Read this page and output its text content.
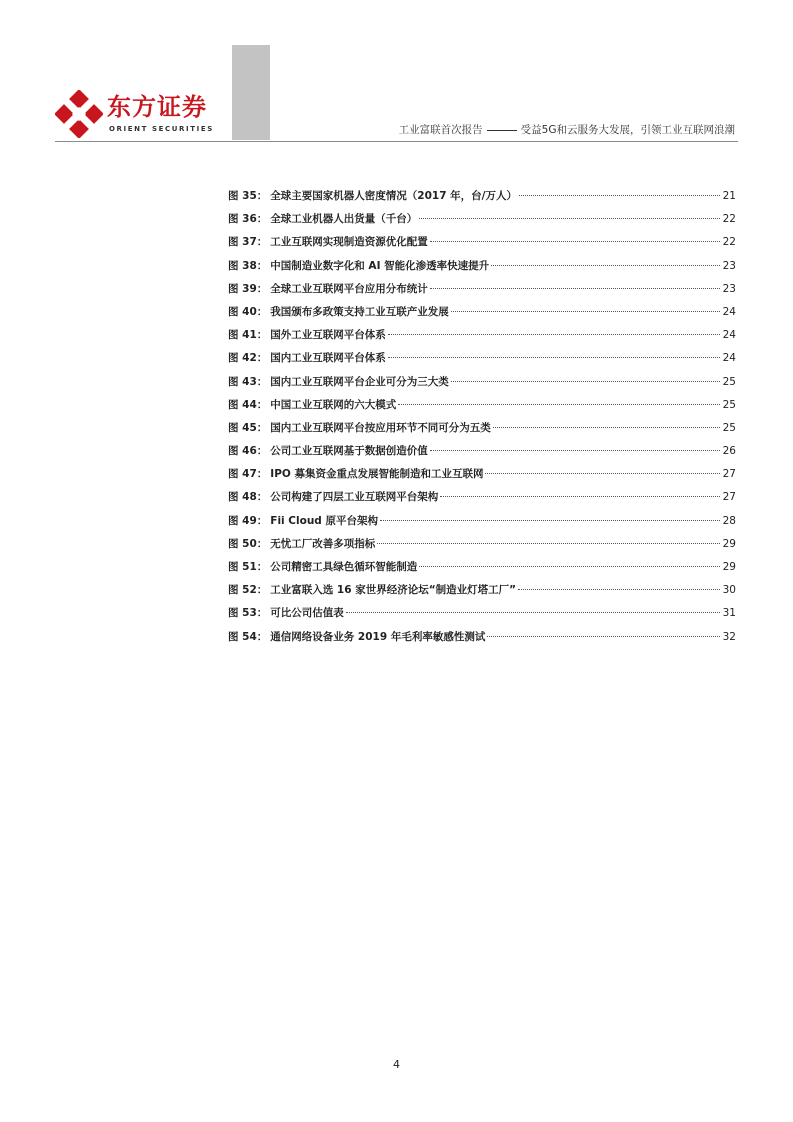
东方证券
ORIENT SECURITIES	工业富联首次报告	受益5G和云服务大发展，引领工业互联网浪潮
图 35： 全球主要国家机器人密度情况（2017 年，台/万人）	21
图 36： 全球工业机器人出货量（千台）	22
图 37： 工业互联网实现制造资源优化配置	22
图 38： 中国制造业数字化和 AI 智能化渗透率快速提升	23
图 39： 全球工业互联网平台应用分布统计	23
图 40： 我国颁布多政策支持工业互联产业发展	24
图 41： 国外工业互联网平台体系	24
图 42： 国内工业互联网平台体系	24
图 43： 国内工业互联网平台企业可分为三大类	25
图 44： 中国工业互联网的六大模式	25
图 45： 国内工业互联网平台按应用环节不同可分为五类	25
图 46： 公司工业互联网基于数据创造价值	26
图 47： IPO 募集资金重点发展智能制造和工业互联网	27
图 48： 公司构建了四层工业互联网平台架构	27
图 49： Fii Cloud 原平台架构	28
图 50： 无忧工厂改善多项指标	29
图 51： 公司精密工具绿色循环智能制造	29
图 52： 工业富联入选 16 家世界经济论坛“制造业灯塔工厂”	30
图 53： 可比公司估值表	31
图 54： 通信网络设备业务 2019 年毛利率敏感性测试	32
4
